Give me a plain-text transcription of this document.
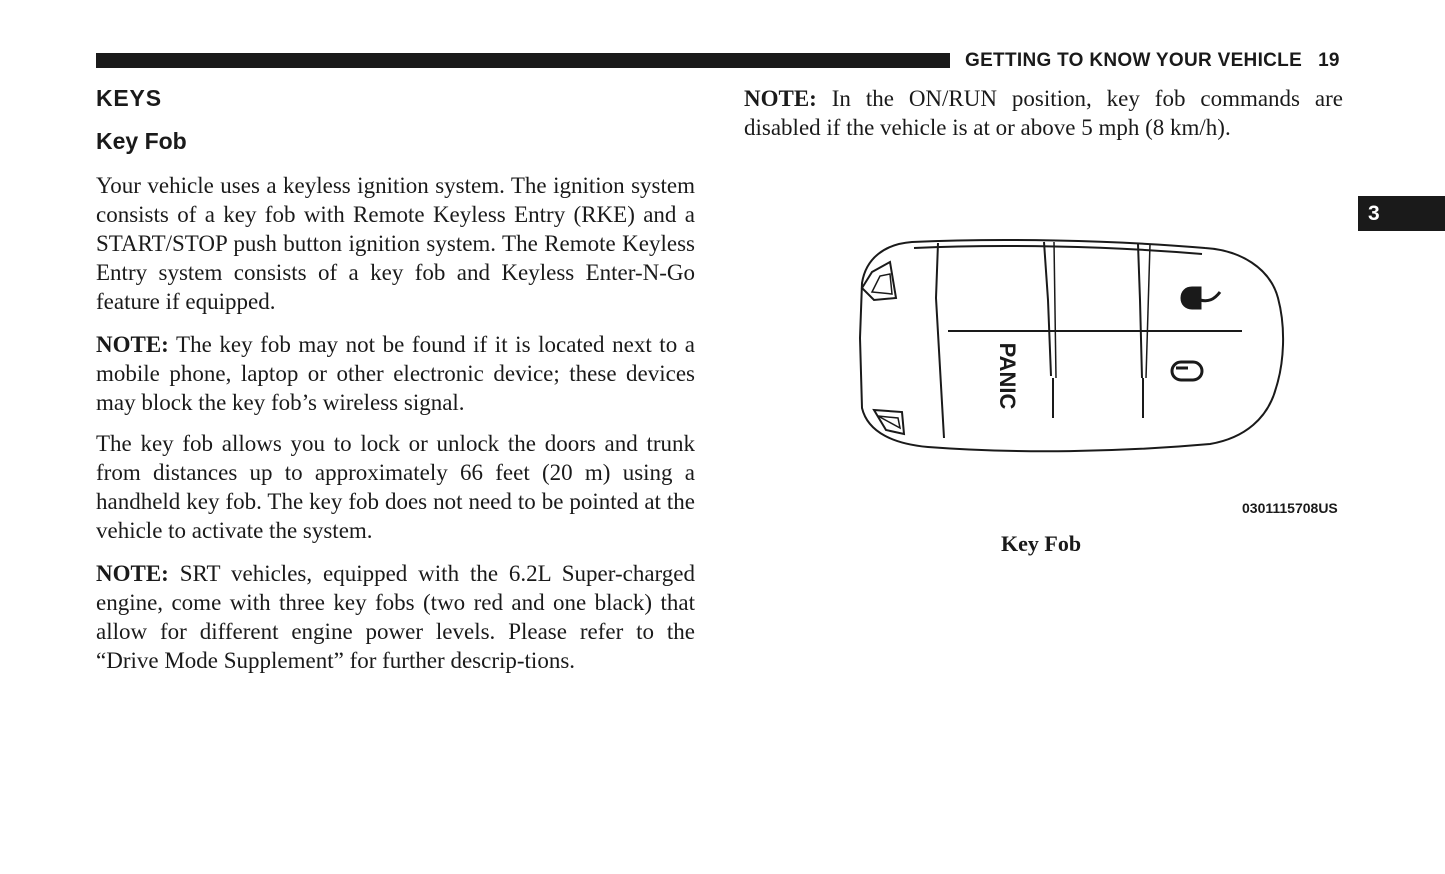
GETTING TO KNOW YOUR VEHICLE 19
3
KEYS
Key Fob

Your vehicle uses a keyless ignition system. The ignition system consists of a key fob with Remote Keyless Entry (RKE) and a START/STOP push button ignition system. The Remote Keyless Entry system consists of a key fob and Keyless Enter-N-Go feature if equipped.

NOTE: The key fob may not be found if it is located next to a mobile phone, laptop or other electronic device; these devices may block the key fob’s wireless signal.

The key fob allows you to lock or unlock the doors and trunk from distances up to approximately 66 feet (20 m) using a handheld key fob. The key fob does not need to be pointed at the vehicle to activate the system.

NOTE: SRT vehicles, equipped with the 6.2L Super-charged engine, come with three key fobs (two red and one black) that allow for different engine power levels. Please refer to the “Drive Mode Supplement” for further descrip-tions.

NOTE: In the ON/RUN position, key fob commands are disabled if the vehicle is at or above 5 mph (8 km/h).

PANIC
0301115708US
Key Fob
